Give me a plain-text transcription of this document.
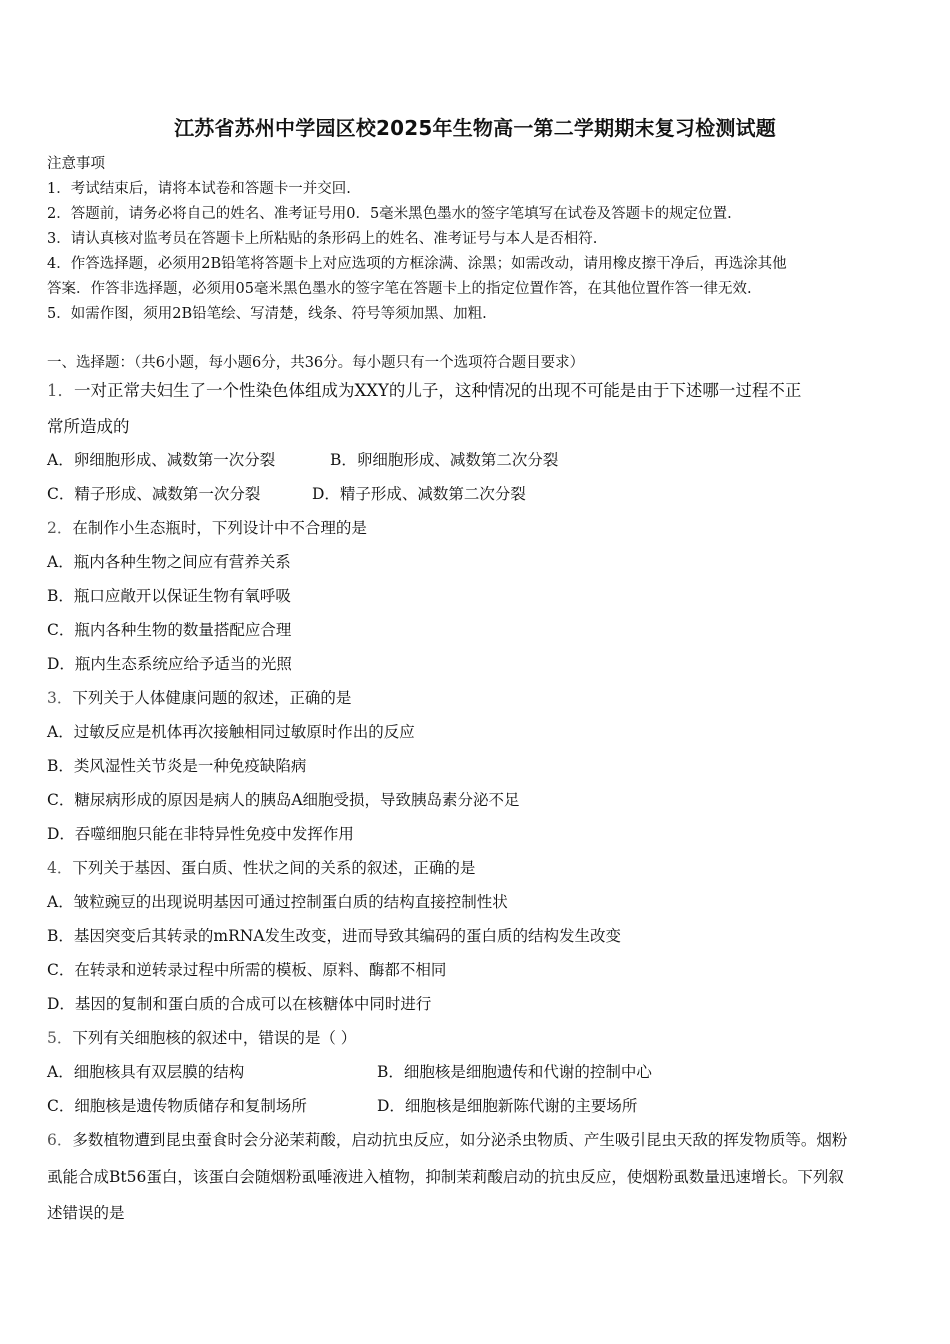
江苏省苏州中学园区校2025年生物高一第二学期期末复习检测试题
注意事项
1．考试结束后，请将本试卷和答题卡一并交回.
2．答题前，请务必将自己的姓名、准考证号用0．5毫米黑色墨水的签字笔填写在试卷及答题卡的规定位置.
3．请认真核对监考员在答题卡上所粘贴的条形码上的姓名、准考证号与本人是否相符.
4．作答选择题，必须用2B铅笔将答题卡上对应选项的方框涂满、涂黑；如需改动，请用橡皮擦干净后，再选涂其他
答案．作答非选择题，必须用05毫米黑色墨水的签字笔在答题卡上的指定位置作答，在其他位置作答一律无效.
5．如需作图，须用2B铅笔绘、写清楚，线条、符号等须加黑、加粗.
一、选择题：（共6小题，每小题6分，共36分。每小题只有一个选项符合题目要求）
1．一对正常夫妇生了一个性染色体组成为XXY的儿子，这种情况的出现不可能是由于下述哪一过程不正
常所造成的
A．卵细胞形成、减数第一次分裂	B．卵细胞形成、减数第二次分裂
C．精子形成、减数第一次分裂	D．精子形成、减数第二次分裂
2．在制作小生态瓶时，下列设计中不合理的是
A．瓶内各种生物之间应有营养关系
B．瓶口应敞开以保证生物有氧呼吸
C．瓶内各种生物的数量搭配应合理
D．瓶内生态系统应给予适当的光照
3．下列关于人体健康问题的叙述，正确的是
A．过敏反应是机体再次接触相同过敏原时作出的反应
B．类风湿性关节炎是一种免疫缺陷病
C．糖尿病形成的原因是病人的胰岛A细胞受损，导致胰岛素分泌不足
D．吞噬细胞只能在非特异性免疫中发挥作用
4．下列关于基因、蛋白质、性状之间的关系的叙述，正确的是
A．皱粒豌豆的出现说明基因可通过控制蛋白质的结构直接控制性状
B．基因突变后其转录的mRNA发生改变，进而导致其编码的蛋白质的结构发生改变
C．在转录和逆转录过程中所需的模板、原料、酶都不相同
D．基因的复制和蛋白质的合成可以在核糖体中同时进行
5．下列有关细胞核的叙述中，错误的是（ ）
A．细胞核具有双层膜的结构	B．细胞核是细胞遗传和代谢的控制中心
C．细胞核是遗传物质储存和复制场所	D．细胞核是细胞新陈代谢的主要场所
6．多数植物遭到昆虫蚕食时会分泌茉莉酸，启动抗虫反应，如分泌杀虫物质、产生吸引昆虫天敌的挥发物质等。烟粉
虱能合成Bt56蛋白，该蛋白会随烟粉虱唾液进入植物，抑制茉莉酸启动的抗虫反应，使烟粉虱数量迅速增长。下列叙
述错误的是
